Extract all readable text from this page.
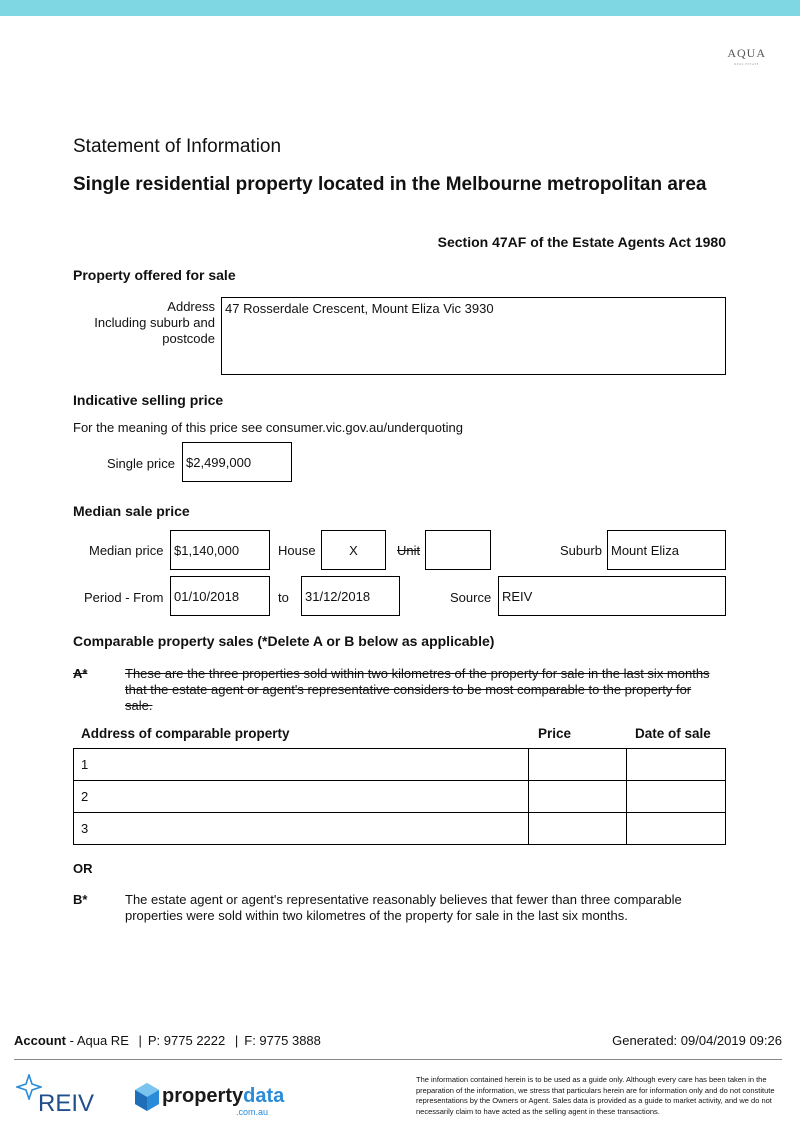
AQUA
REAL ESTATE
Statement of Information
Single residential property located in the Melbourne metropolitan area
Section 47AF of the Estate Agents Act 1980
Property offered for sale
Address
Including suburb and
postcode
47 Rosserdale Crescent, Mount Eliza Vic 3930
Indicative selling price
For the meaning of this price see consumer.vic.gov.au/underquoting
Single price $2,499,000
Median sale price
Median price $1,140,000	House	X	Unit	Suburb Mount Eliza
Period - From 01/10/2018	to 31/12/2018	Source REIV
Comparable property sales (*Delete A or B below as applicable)
A*	These are the three properties sold within two kilometres of the property for sale in the last six months that the estate agent or agent's representative considers to be most comparable to the property for sale.
Address of comparable property	Price	Date of sale
1		
2		
3		
OR
B*	The estate agent or agent's representative reasonably believes that fewer than three comparable properties were sold within two kilometres of the property for sale in the last six months.
Account - Aqua RE | P: 9775 2222 | F: 9775 3888	Generated: 09/04/2019 09:26
REIV	propertydata
.com.au
The information contained herein is to be used as a guide only. Although every care has been taken in the preparation of the information, we stress that particulars herein are for information only and do not constitute representations by the Owners or Agent. Sales data is provided as a guide to market activity, and we do not necessarily claim to have acted as the selling agent in these transactions.
